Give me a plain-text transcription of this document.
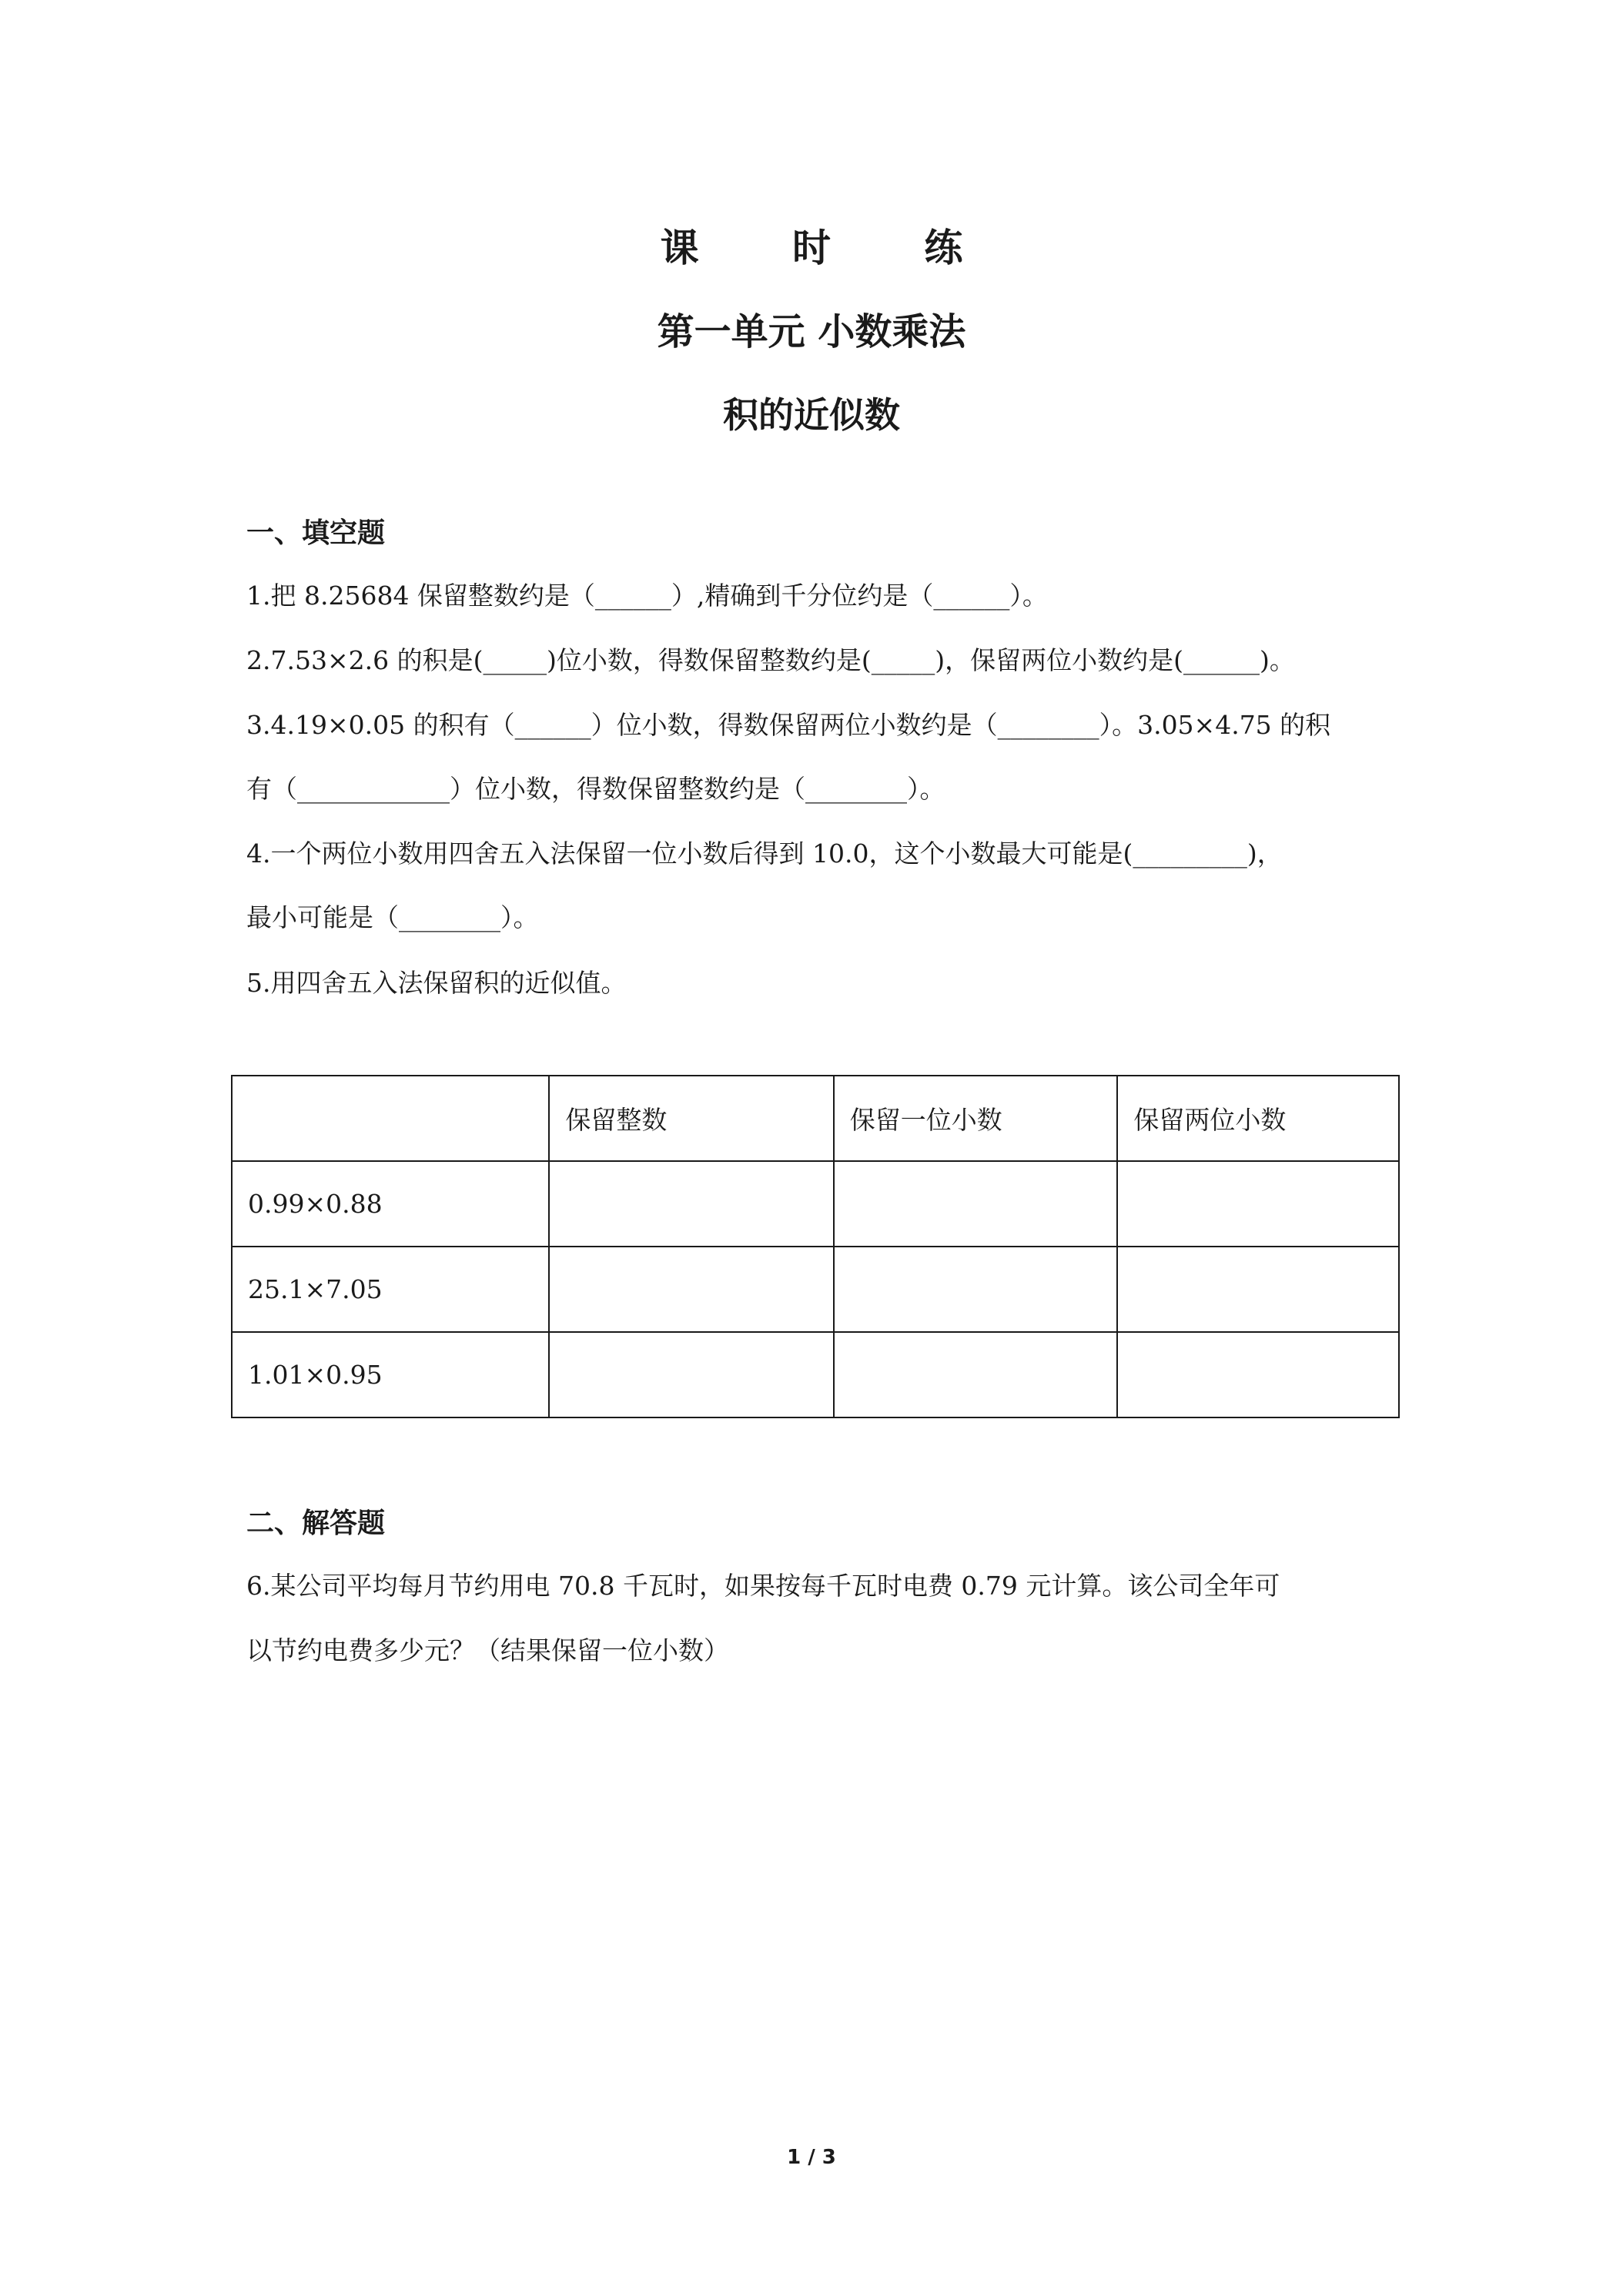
课 时 练
第一单元 小数乘法
积的近似数
一、填空题
1.把 8.25684 保留整数约是（______）,精确到千分位约是（______）。
2.7.53×2.6 的积是(_____)位小数，得数保留整数约是(_____)，保留两位小数约是(______)。
3.4.19×0.05 的积有（______）位小数，得数保留两位小数约是（________）。3.05×4.75 的积
有（____________）位小数，得数保留整数约是（________）。
4.一个两位小数用四舍五入法保留一位小数后得到 10.0，这个小数最大可能是(_________)，
最小可能是（________）。
5.用四舍五入法保留积的近似值。
	保留整数	保留一位小数	保留两位小数
0.99×0.88			
25.1×7.05			
1.01×0.95			
二、解答题
6.某公司平均每月节约用电 70.8 千瓦时，如果按每千瓦时电费 0.79 元计算。该公司全年可
以节约电费多少元？（结果保留一位小数）
1 / 3
